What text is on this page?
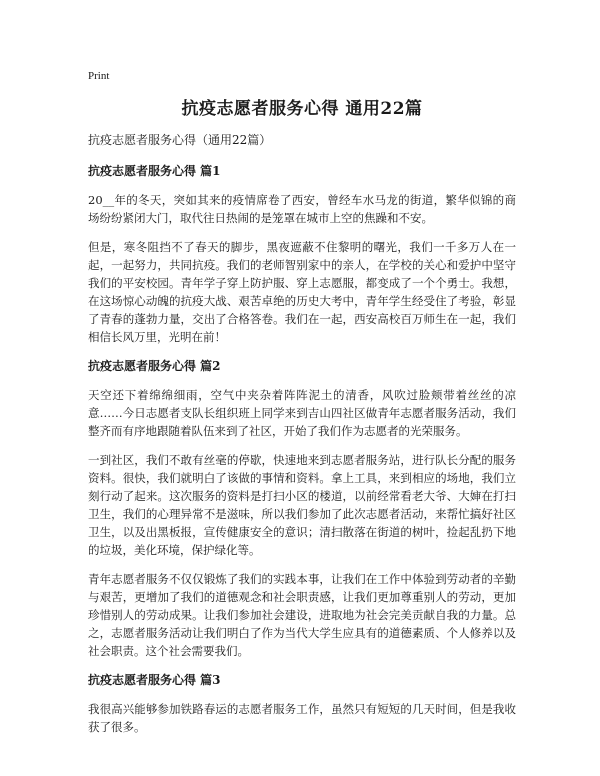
Print
抗疫志愿者服务心得 通用22篇
抗疫志愿者服务心得（通用22篇）
抗疫志愿者服务心得 篇1

20__年的冬天，突如其来的疫情席卷了西安，曾经车水马龙的街道，繁华似锦的商场纷纷紧闭大门，取代往日热闹的是笼罩在城市上空的焦躁和不安。

但是，寒冬阻挡不了春天的脚步，黑夜遮蔽不住黎明的曙光，我们一千多万人在一起，一起努力，共同抗疫。我们的老师智别家中的亲人，在学校的关心和爱护中坚守我们的平安校园。青年学子穿上防护服、穿上志愿服，都变成了一个个勇士。我想，在这场惊心动魄的抗疫大战、艰苦卓绝的历史大考中，青年学生经受住了考验，彰显了青春的蓬勃力量，交出了合格答卷。我们在一起，西安高校百万师生在一起，我们相信长风万里，光明在前！

抗疫志愿者服务心得 篇2

天空还下着绵绵细雨，空气中夹杂着阵阵泥土的清香，风吹过脸颊带着丝丝的凉意……今日志愿者支队长组织班上同学来到吉山四社区做青年志愿者服务活动，我们整齐而有序地跟随着队伍来到了社区，开始了我们作为志愿者的光荣服务。

一到社区，我们不敢有丝毫的停歇，快速地来到志愿者服务站，进行队长分配的服务资料。很快，我们就明白了该做的事情和资料。拿上工具，来到相应的场地，我们立刻行动了起来。这次服务的资料是打扫小区的楼道，以前经常看老大爷、大婶在打扫卫生，我们的心理异常不是滋味，所以我们参加了此次志愿者活动，来帮忙搞好社区卫生，以及出黑板报，宣传健康安全的意识；清扫散落在街道的树叶，捡起乱扔下地的垃圾，美化环境，保护绿化等。

青年志愿者服务不仅仅锻炼了我们的实践本事，让我们在工作中体验到劳动者的辛勤与艰苦，更增加了我们的道德观念和社会职责感，让我们更加尊重别人的劳动，更加珍惜别人的劳动成果。让我们参加社会建设，进取地为社会完美贡献自我的力量。总之，志愿者服务活动让我们明白了作为当代大学生应具有的道德素质、个人修养以及社会职责。这个社会需要我们。

抗疫志愿者服务心得 篇3

我很高兴能够参加铁路春运的志愿者服务工作，虽然只有短短的几天时间，但是我收获了很多。
